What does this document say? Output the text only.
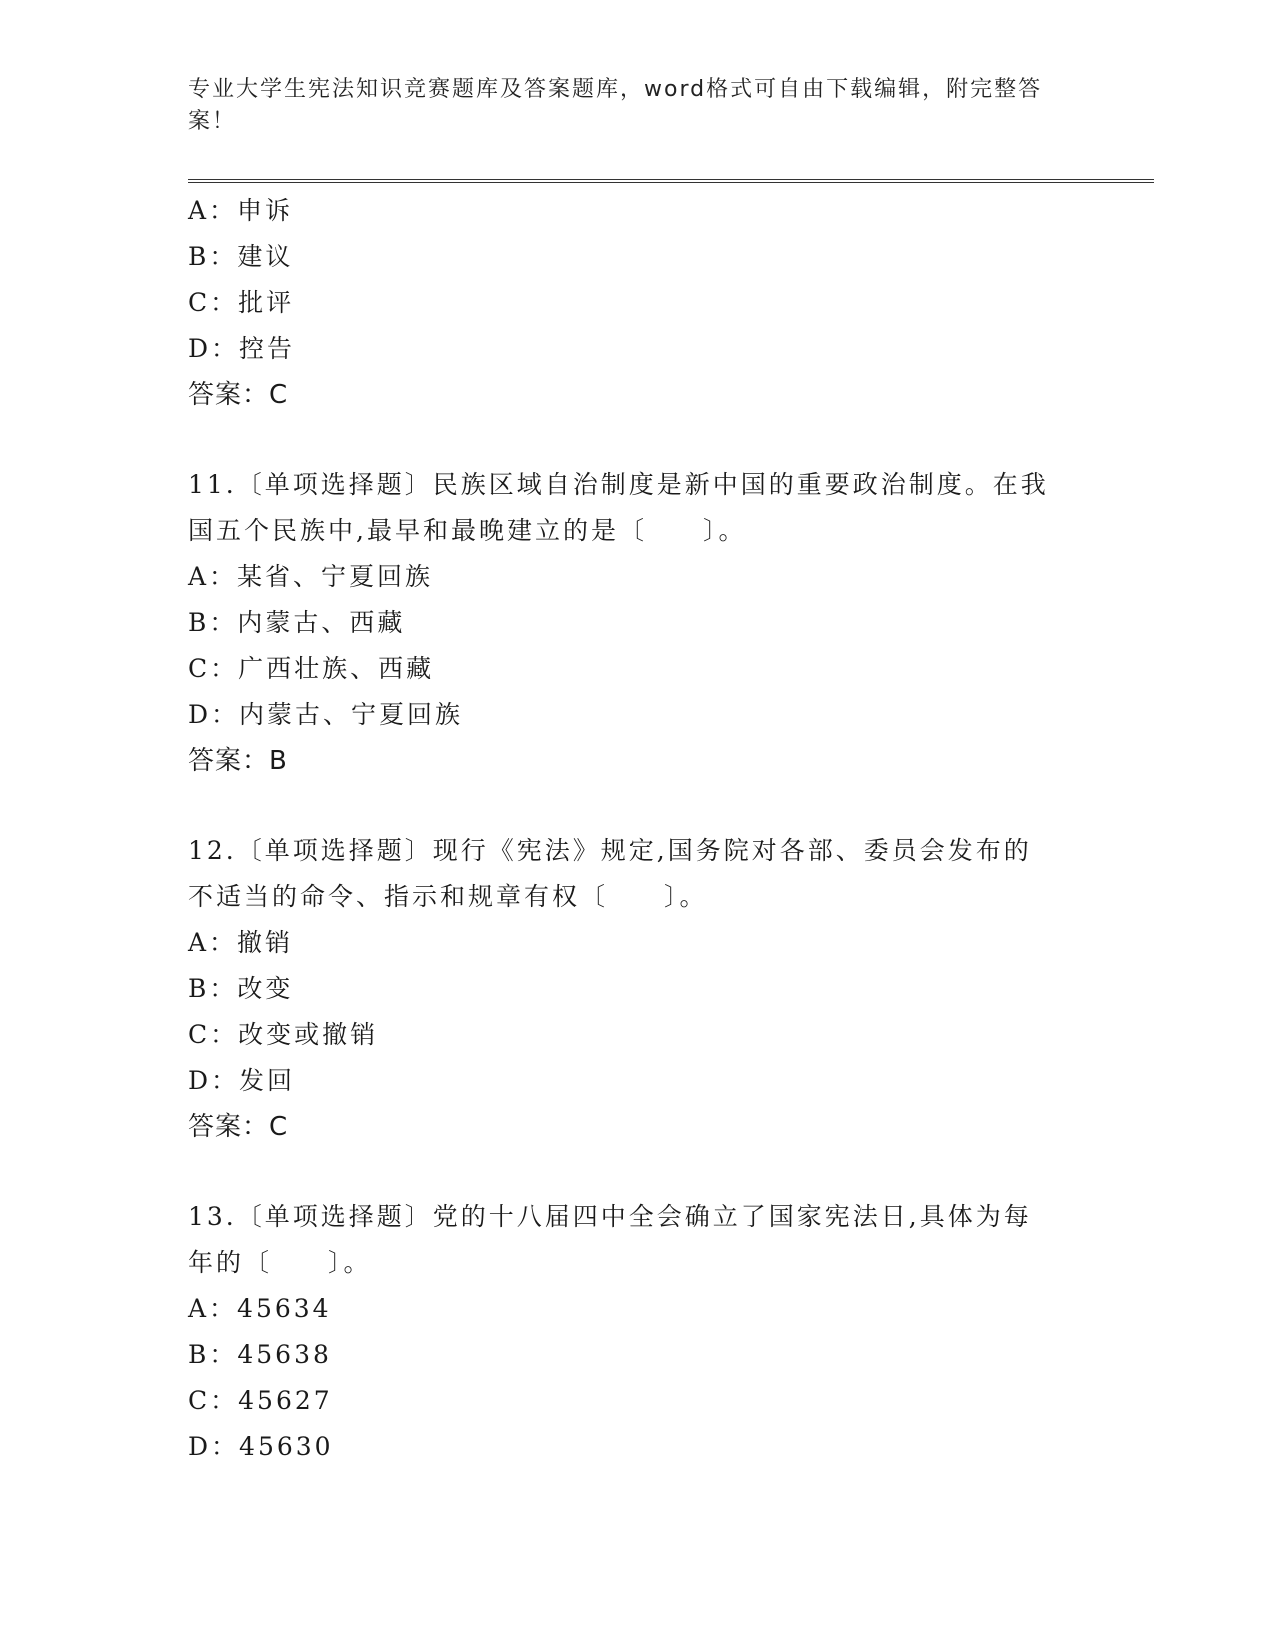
专业大学生宪法知识竞赛题库及答案题库，word格式可自由下载编辑，附完整答
案！
A：申诉
B：建议
C：批评
D：控告
答案：C
11.〔单项选择题〕民族区域自治制度是新中国的重要政治制度。在我
国五个民族中,最早和最晚建立的是〔　　〕。
A：某省、宁夏回族
B：内蒙古、西藏
C：广西壮族、西藏
D：内蒙古、宁夏回族
答案：B
12.〔单项选择题〕现行《宪法》规定,国务院对各部、委员会发布的
不适当的命令、指示和规章有权〔　　〕。
A：撤销
B：改变
C：改变或撤销
D：发回
答案：C
13.〔单项选择题〕党的十八届四中全会确立了国家宪法日,具体为每
年的〔　　〕。
A：45634
B：45638
C：45627
D：45630
